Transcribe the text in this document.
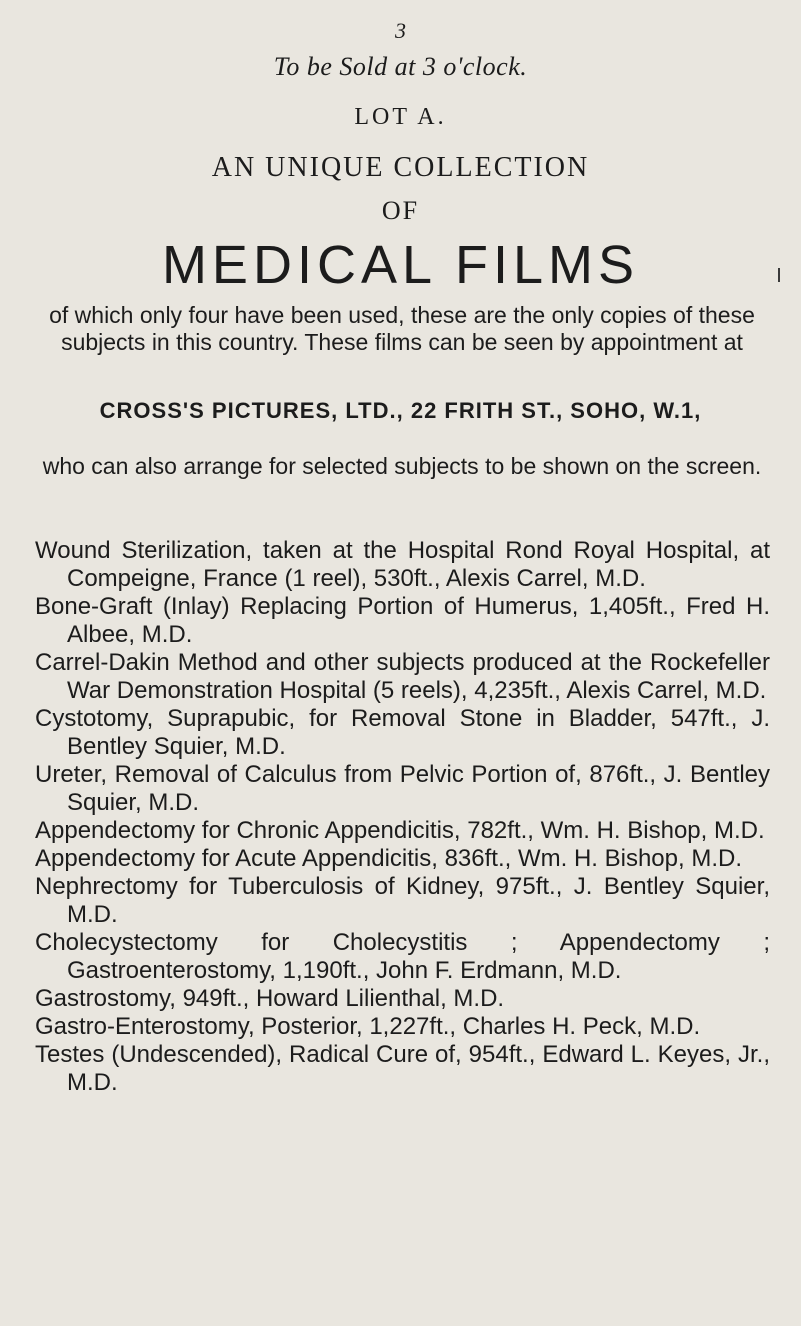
3
To be Sold at 3 o'clock.
LOT A.
AN UNIQUE COLLECTION
OF
MEDICAL FILMS
of which only four have been used, these are the only copies of these subjects in this country. These films can be seen by appointment at
CROSS'S PICTURES, LTD., 22 FRITH ST., SOHO, W.1,
who can also arrange for selected subjects to be shown on the screen.
Wound Sterilization, taken at the Hospital Rond Royal Hospital, at Compeigne, France (1 reel), 530ft., Alexis Carrel, M.D.
Bone-Graft (Inlay) Replacing Portion of Humerus, 1,405ft., Fred H. Albee, M.D.
Carrel-Dakin Method and other subjects produced at the Rockefeller War Demonstration Hospital (5 reels), 4,235ft., Alexis Carrel, M.D.
Cystotomy, Suprapubic, for Removal Stone in Bladder, 547ft., J. Bentley Squier, M.D.
Ureter, Removal of Calculus from Pelvic Portion of, 876ft., J. Bentley Squier, M.D.
Appendectomy for Chronic Appendicitis, 782ft., Wm. H. Bishop, M.D.
Appendectomy for Acute Appendicitis, 836ft., Wm. H. Bishop, M.D.
Nephrectomy for Tuberculosis of Kidney, 975ft., J. Bentley Squier, M.D.
Cholecystectomy for Cholecystitis ; Appendectomy ; Gastroenterostomy, 1,190ft., John F. Erdmann, M.D.
Gastrostomy, 949ft., Howard Lilienthal, M.D.
Gastro-Enterostomy, Posterior, 1,227ft., Charles H. Peck, M.D.
Testes (Undescended), Radical Cure of, 954ft., Edward L. Keyes, Jr., M.D.
